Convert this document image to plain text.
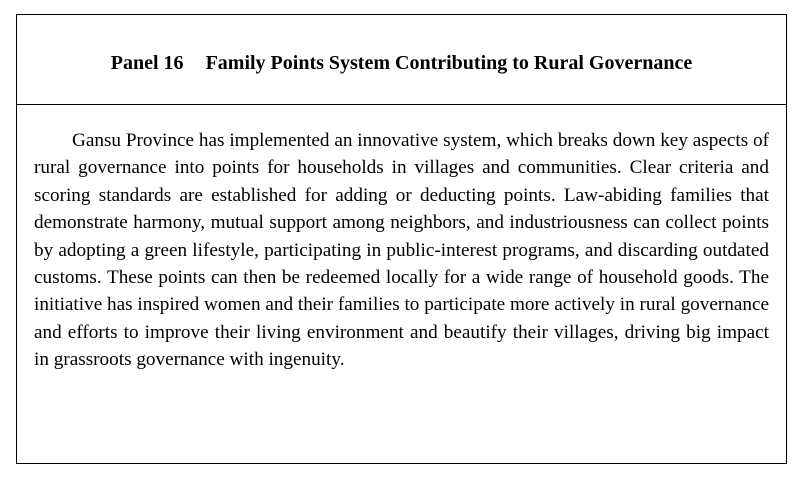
Panel 16 Family Points System Contributing to Rural Governance

Gansu Province has implemented an innovative system, which breaks down key aspects of rural governance into points for households in villages and communities. Clear criteria and scoring standards are established for adding or deducting points. Law-abiding families that demonstrate harmony, mutual support among neighbors, and industriousness can collect points by adopting a green lifestyle, participating in public-interest programs, and discarding outdated customs. These points can then be redeemed locally for a wide range of household goods. The initiative has inspired women and their families to participate more actively in rural governance and efforts to improve their living environment and beautify their villages, driving big impact in grassroots governance with ingenuity.
